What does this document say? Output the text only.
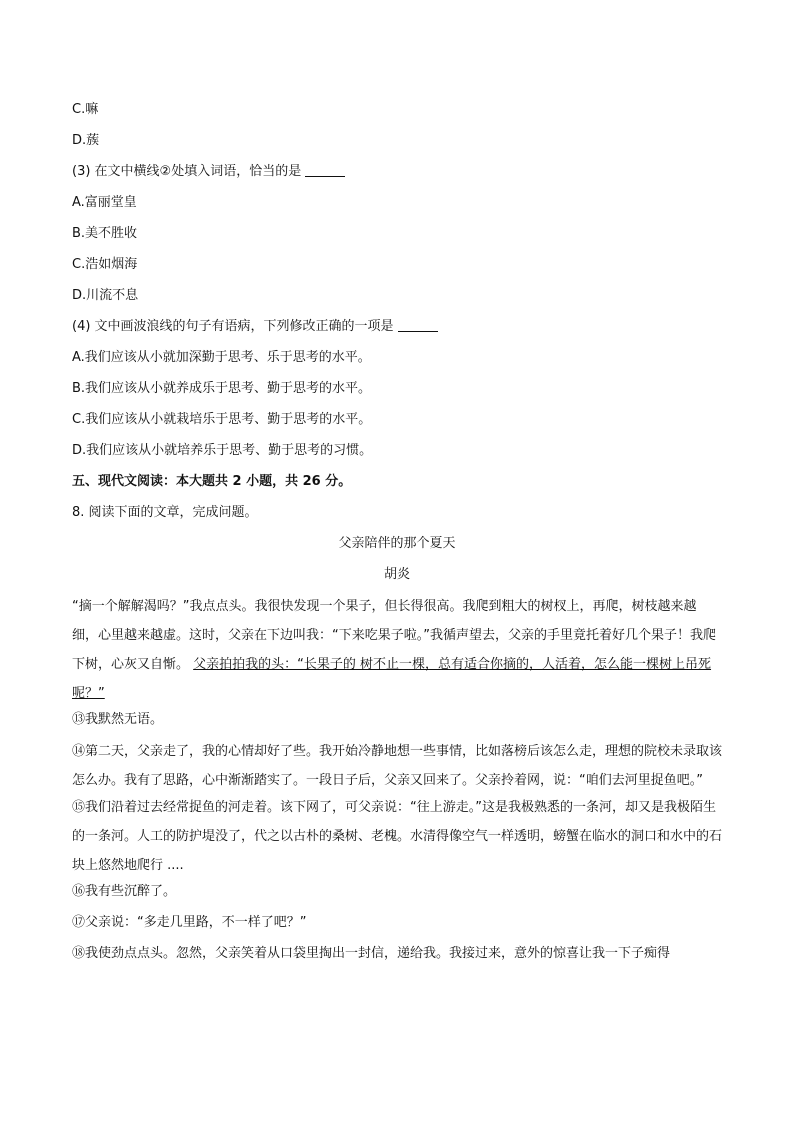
C.嘛
D.蔟
(3) 在文中横线②处填入词语，恰当的是
A.富丽堂皇
B.美不胜收
C.浩如烟海
D.川流不息
(4) 文中画波浪线的句子有语病，下列修改正确的一项是
A.我们应该从小就加深勤于思考、乐于思考的水平。
B.我们应该从小就养成乐于思考、勤于思考的水平。
C.我们应该从小就栽培乐于思考、勤于思考的水平。
D.我们应该从小就培养乐于思考、勤于思考的习惯。
五、现代文阅读：本大题共 2 小题，共 26 分。
8. 阅读下面的文章，完成问题。
父亲陪伴的那个夏天
胡炎
“摘一个解解渴吗？”我点点头。我很快发现一个果子，但长得很高。我爬到粗大的树杈上，再爬，树枝越来越细，心里越来越虚。这时，父亲在下边叫我：“下来吃果子啦。”我循声望去，父亲的手里竟托着好几个果子！我爬下树，心灰又自惭。 父亲拍拍我的头：“长果子的 树不止一棵，总有适合你摘的，人活着，怎么能一棵树上吊死呢？”
⑬我默然无语。
⑭第二天，父亲走了，我的心情却好了些。我开始冷静地想一些事情，比如落榜后该怎么走，理想的院校未录取该怎么办。我有了思路，心中渐渐踏实了。一段日子后，父亲又回来了。父亲拎着网，说：“咱们去河里捉鱼吧。”
⑮我们沿着过去经常捉鱼的河走着。该下网了，可父亲说：“往上游走。”这是我极熟悉的一条河，却又是我极陌生的一条河。人工的防护堤没了，代之以古朴的桑树、老槐。水清得像空气一样透明，螃蟹在临水的洞口和水中的石块上悠然地爬行 ....
⑯我有些沉醉了。
⑰父亲说：“多走几里路，不一样了吧？”
⑱我使劲点点头。忽然，父亲笑着从口袋里掏出一封信，递给我。我接过来，意外的惊喜让我一下子痴得
